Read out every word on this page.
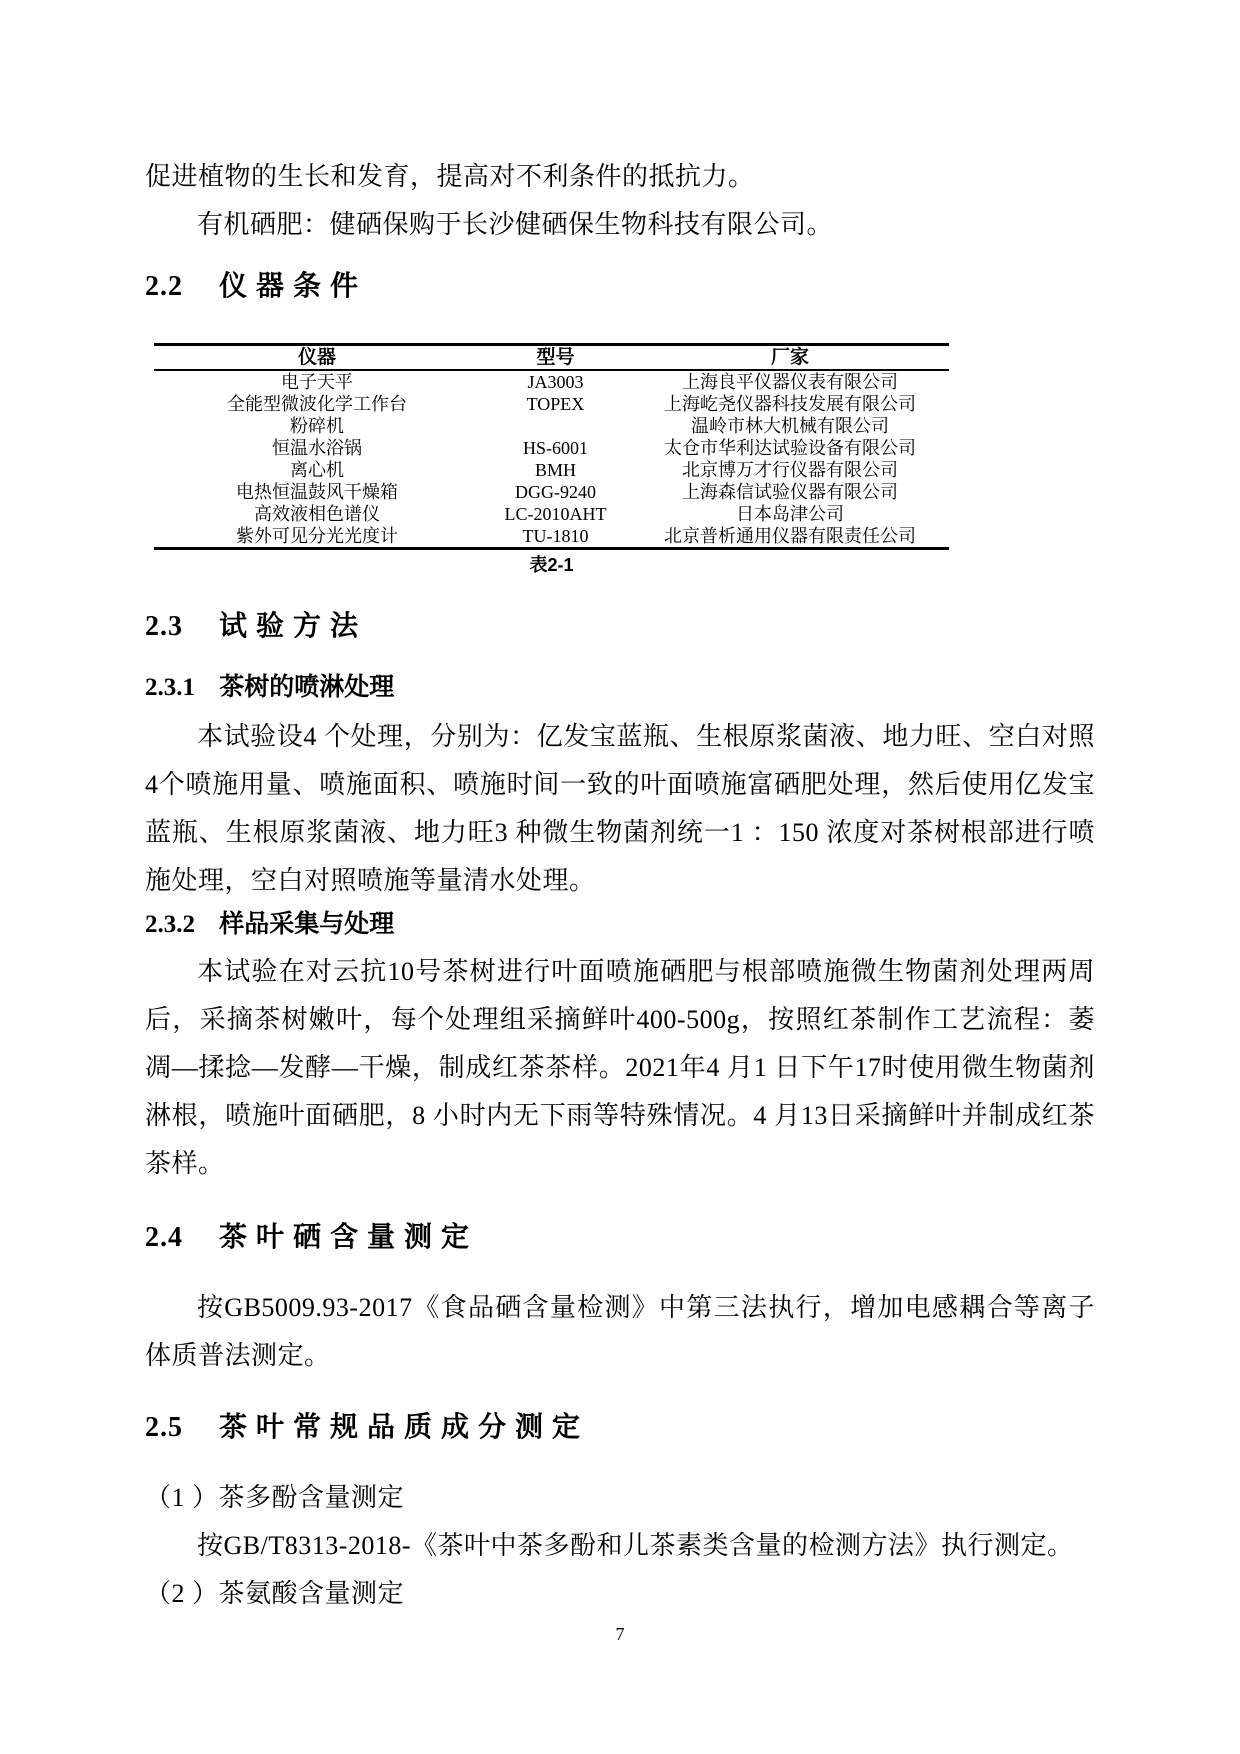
促进植物的生长和发育，提高对不利条件的抵抗力。

有机硒肥：健硒保购于长沙健硒保生物科技有限公司。

2.2 仪 器 条 件
仪器	型号	厂家
电子天平	JA3003	上海良平仪器仪表有限公司
全能型微波化学工作台	TOPEX	上海屹尧仪器科技发展有限公司
粉碎机		温岭市林大机械有限公司
恒温水浴锅	HS-6001	太仓市华利达试验设备有限公司
离心机	BMH	北京博万才行仪器有限公司
电热恒温鼓风干燥箱	DGG-9240	上海森信试验仪器有限公司
高效液相色谱仪	LC-2010AHT	日本岛津公司
紫外可见分光光度计	TU-1810	北京普析通用仪器有限责任公司
表2-1
2.3 试 验 方 法
2.3.1 茶树的喷淋处理

本试验设4 个处理，分别为：亿发宝蓝瓶、生根原浆菌液、地力旺、空白对照4个喷施用量、喷施面积、喷施时间一致的叶面喷施富硒肥处理，然后使用亿发宝蓝瓶、生根原浆菌液、地力旺3 种微生物菌剂统一1 ：150 浓度对茶树根部进行喷施处理，空白对照喷施等量清水处理。

2.3.2 样品采集与处理

本试验在对云抗10号茶树进行叶面喷施硒肥与根部喷施微生物菌剂处理两周后，采摘茶树嫩叶，每个处理组采摘鲜叶400-500g，按照红茶制作工艺流程：萎凋—揉捻—发酵—干燥，制成红茶茶样。2021年4 月1 日下午17时使用微生物菌剂淋根，喷施叶面硒肥，8 小时内无下雨等特殊情况。4 月13日采摘鲜叶并制成红茶茶样。

2.4 茶 叶 硒 含 量 测 定

按GB5009.93-2017《食品硒含量检测》中第三法执行，增加电感耦合等离子体质普法测定。

2.5 茶 叶 常 规 品 质 成 分 测 定

（1 ）茶多酚含量测定

按GB/T8313-2018-《茶叶中茶多酚和儿茶素类含量的检测方法》执行测定。

（2 ）茶氨酸含量测定

7
